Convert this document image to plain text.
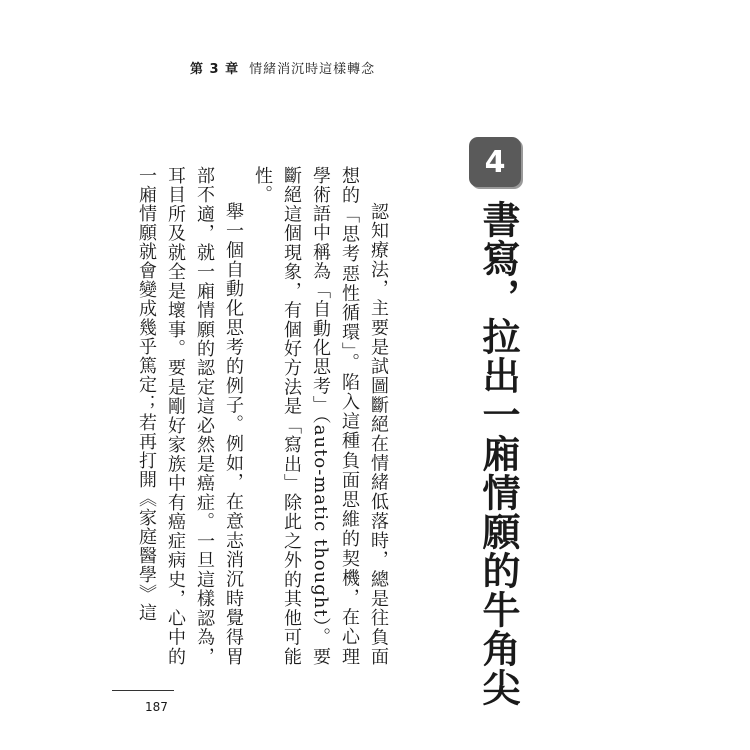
第 3 章 情緒消沉時這樣轉念
4
書寫，拉出一廂情願的牛角尖

認知療法，主要是試圖斷絕在情緒低落時，總是往負面想的「思考惡性循環」。陷入這種負面思維的契機，在心理學術語中稱為「自動化思考」（auto-matic thought）。要斷絕這個現象，有個好方法是「寫出」除此之外的其他可能性。

舉一個自動化思考的例子。例如，在意志消沉時覺得胃部不適，就一廂情願的認定這必然是癌症。一旦這樣認為，耳目所及就全是壞事。要是剛好家族中有癌症病史，心中的一廂情願就會變成幾乎篤定；若再打開《家庭醫學》這

187
